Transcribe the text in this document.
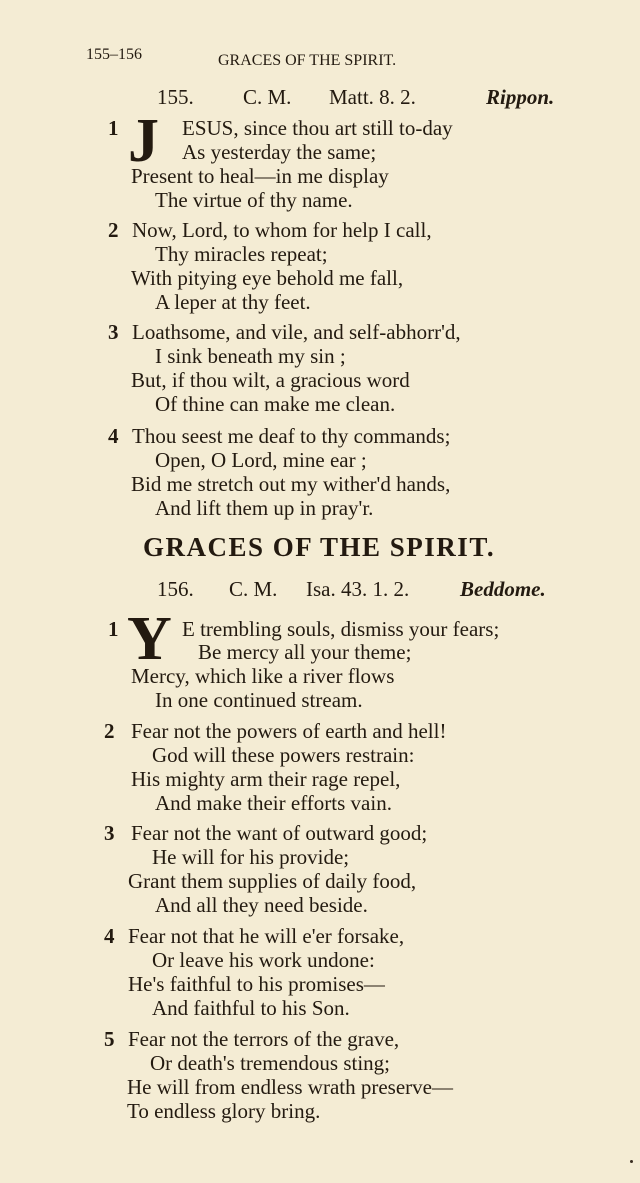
155–156	GRACES OF THE SPIRIT.
155. C. M. Matt. 8. 2.	Rippon.
1 J ESUS, since thou art still to-day
As yesterday the same;
Present to heal—in me display
The virtue of thy name.
2 Now, Lord, to whom for help I call,
Thy miracles repeat;
With pitying eye behold me fall,
A leper at thy feet.
3 Loathsome, and vile, and self-abhorr'd,
I sink beneath my sin ;
But, if thou wilt, a gracious word
Of thine can make me clean.
4 Thou seest me deaf to thy commands;
Open, O Lord, mine ear ;
Bid me stretch out my wither'd hands,
And lift them up in pray'r.
GRACES OF THE SPIRIT.
156. C. M. Isa. 43. 1. 2. Beddome.
1 Y E trembling souls, dismiss your fears;
Be mercy all your theme;
Mercy, which like a river flows
In one continued stream.
2 Fear not the powers of earth and hell!
God will these powers restrain:
His mighty arm their rage repel,
And make their efforts vain.
3 Fear not the want of outward good;
He will for his provide;
Grant them supplies of daily food,
And all they need beside.
4 Fear not that he will e'er forsake,
Or leave his work undone:
He's faithful to his promises—
And faithful to his Son.
5 Fear not the terrors of the grave,
Or death's tremendous sting;
He will from endless wrath preserve—
To endless glory bring.
